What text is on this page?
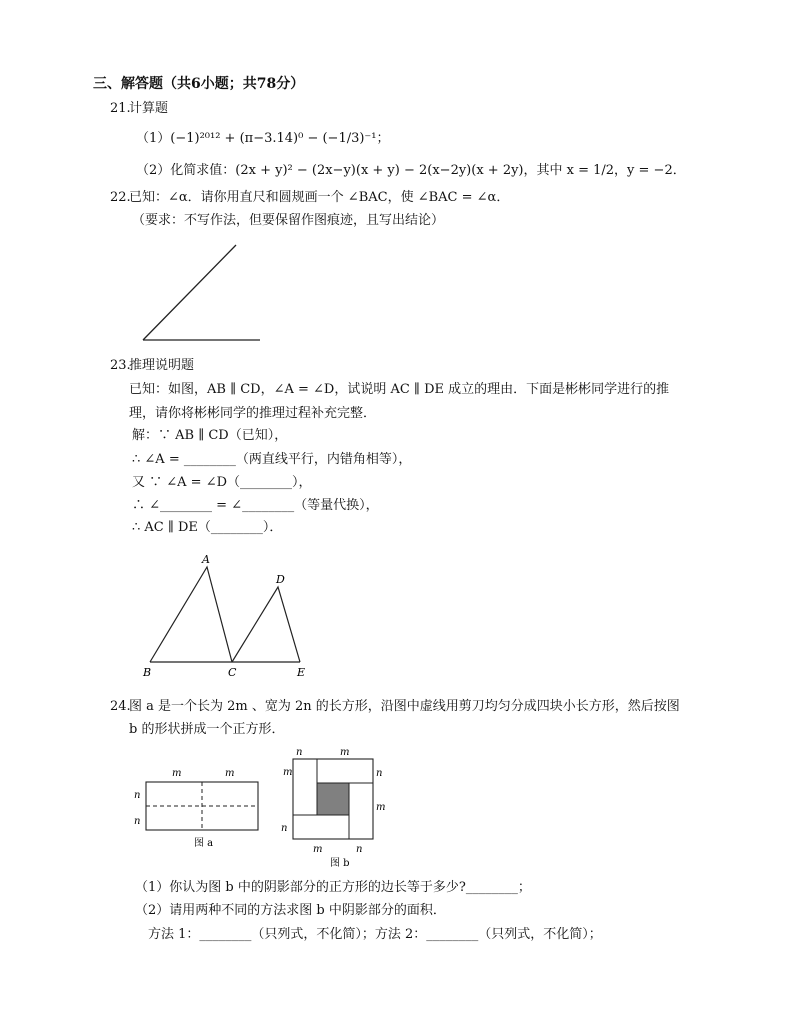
三、解答题（共6小题；共78分）
21.
计算题
（1）(−1)²⁰¹² + (π−3.14)⁰ − (−1/3)⁻¹；
（2）化简求值：(2x + y)² − (2x−y)(x + y) − 2(x−2y)(x + 2y)，其中 x = 1/2，y = −2．
22.
已知：∠α．请你用直尺和圆规画一个 ∠BAC，使 ∠BAC = ∠α．
（要求：不写作法，但要保留作图痕迹，且写出结论）
23.
推理说明题
已知：如图，AB ∥ CD，∠A = ∠D，试说明 AC ∥ DE 成立的理由．下面是彬彬同学进行的推
理，请你将彬彬同学的推理过程补充完整．
解：∵ AB ∥ CD（已知），
∴ ∠A = ________（两直线平行，内错角相等），
又 ∵ ∠A = ∠D（________），
∴ ∠________ = ∠________（等量代换），
∴ AC ∥ DE（________）．
A
D
B	C	E
24.
图 a 是一个长为 2m 、宽为 2n 的长方形，沿图中虚线用剪刀均匀分成四块小长方形，然后按图
b 的形状拼成一个正方形．
m	m
n
n
图 a
n	m
m	n
m
n
m	n
图 b
（1）你认为图 b 中的阴影部分的正方形的边长等于多少?________；
（2）请用两种不同的方法求图 b 中阴影部分的面积．
方法 1：________（只列式，不化简）；方法 2：________（只列式，不化简）；
